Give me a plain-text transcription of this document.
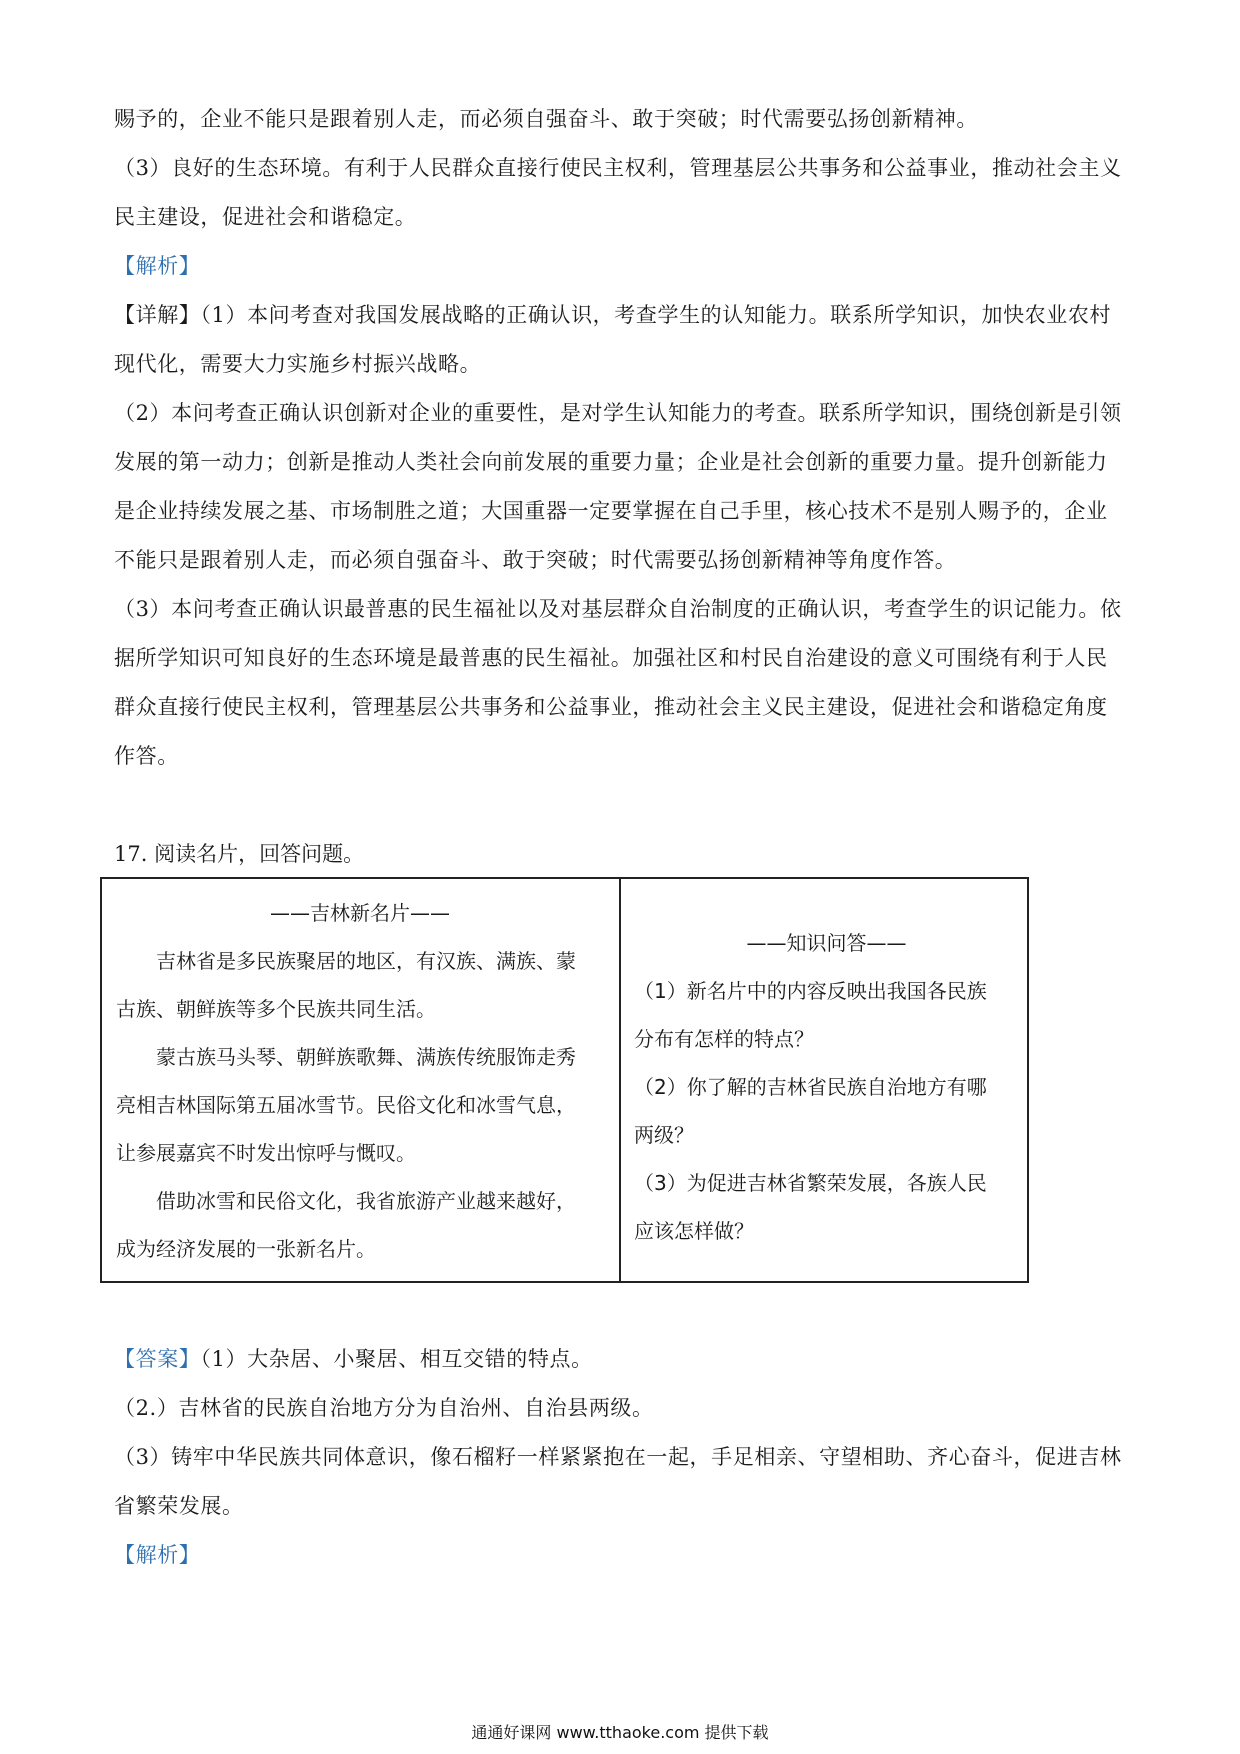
赐予的，企业不能只是跟着别人走，而必须自强奋斗、敢于突破；时代需要弘扬创新精神。
（3）良好的生态环境。有利于人民群众直接行使民主权利，管理基层公共事务和公益事业，推动社会主义
民主建设，促进社会和谐稳定。
【解析】
【详解】（1）本问考查对我国发展战略的正确认识，考查学生的认知能力。联系所学知识，加快农业农村
现代化，需要大力实施乡村振兴战略。
（2）本问考查正确认识创新对企业的重要性，是对学生认知能力的考查。联系所学知识，围绕创新是引领
发展的第一动力；创新是推动人类社会向前发展的重要力量；企业是社会创新的重要力量。提升创新能力
是企业持续发展之基、市场制胜之道；大国重器一定要掌握在自己手里，核心技术不是别人赐予的，企业
不能只是跟着别人走，而必须自强奋斗、敢于突破；时代需要弘扬创新精神等角度作答。
（3）本问考查正确认识最普惠的民生福祉以及对基层群众自治制度的正确认识，考查学生的识记能力。依
据所学知识可知良好的生态环境是最普惠的民生福祉。加强社区和村民自治建设的意义可围绕有利于人民
群众直接行使民主权利，管理基层公共事务和公益事业，推动社会主义民主建设，促进社会和谐稳定角度
作答。
17. 阅读名片，回答问题。
——吉林新名片——
吉林省是多民族聚居的地区，有汉族、满族、蒙

古族、朝鲜族等多个民族共同生活。
蒙古族马头琴、朝鲜族歌舞、满族传统服饰走秀
亮相吉林国际第五届冰雪节。民俗文化和冰雪气息，
让参展嘉宾不时发出惊呼与慨叹。
借助冰雪和民俗文化，我省旅游产业越来越好，
成为经济发展的一张新名片。
——知识问答——
（1）新名片中的内容反映出我国各民族
分布有怎样的特点？
（2）你了解的吉林省民族自治地方有哪
两级？
（3）为促进吉林省繁荣发展，各族人民
应该怎样做？
【答案】（1）大杂居、小聚居、相互交错的特点。
（2.）吉林省的民族自治地方分为自治州、自治县两级。
（3）铸牢中华民族共同体意识，像石榴籽一样紧紧抱在一起，手足相亲、守望相助、齐心奋斗，促进吉林
省繁荣发展。
【解析】
通通好课网 www.tthaoke.com 提供下载
